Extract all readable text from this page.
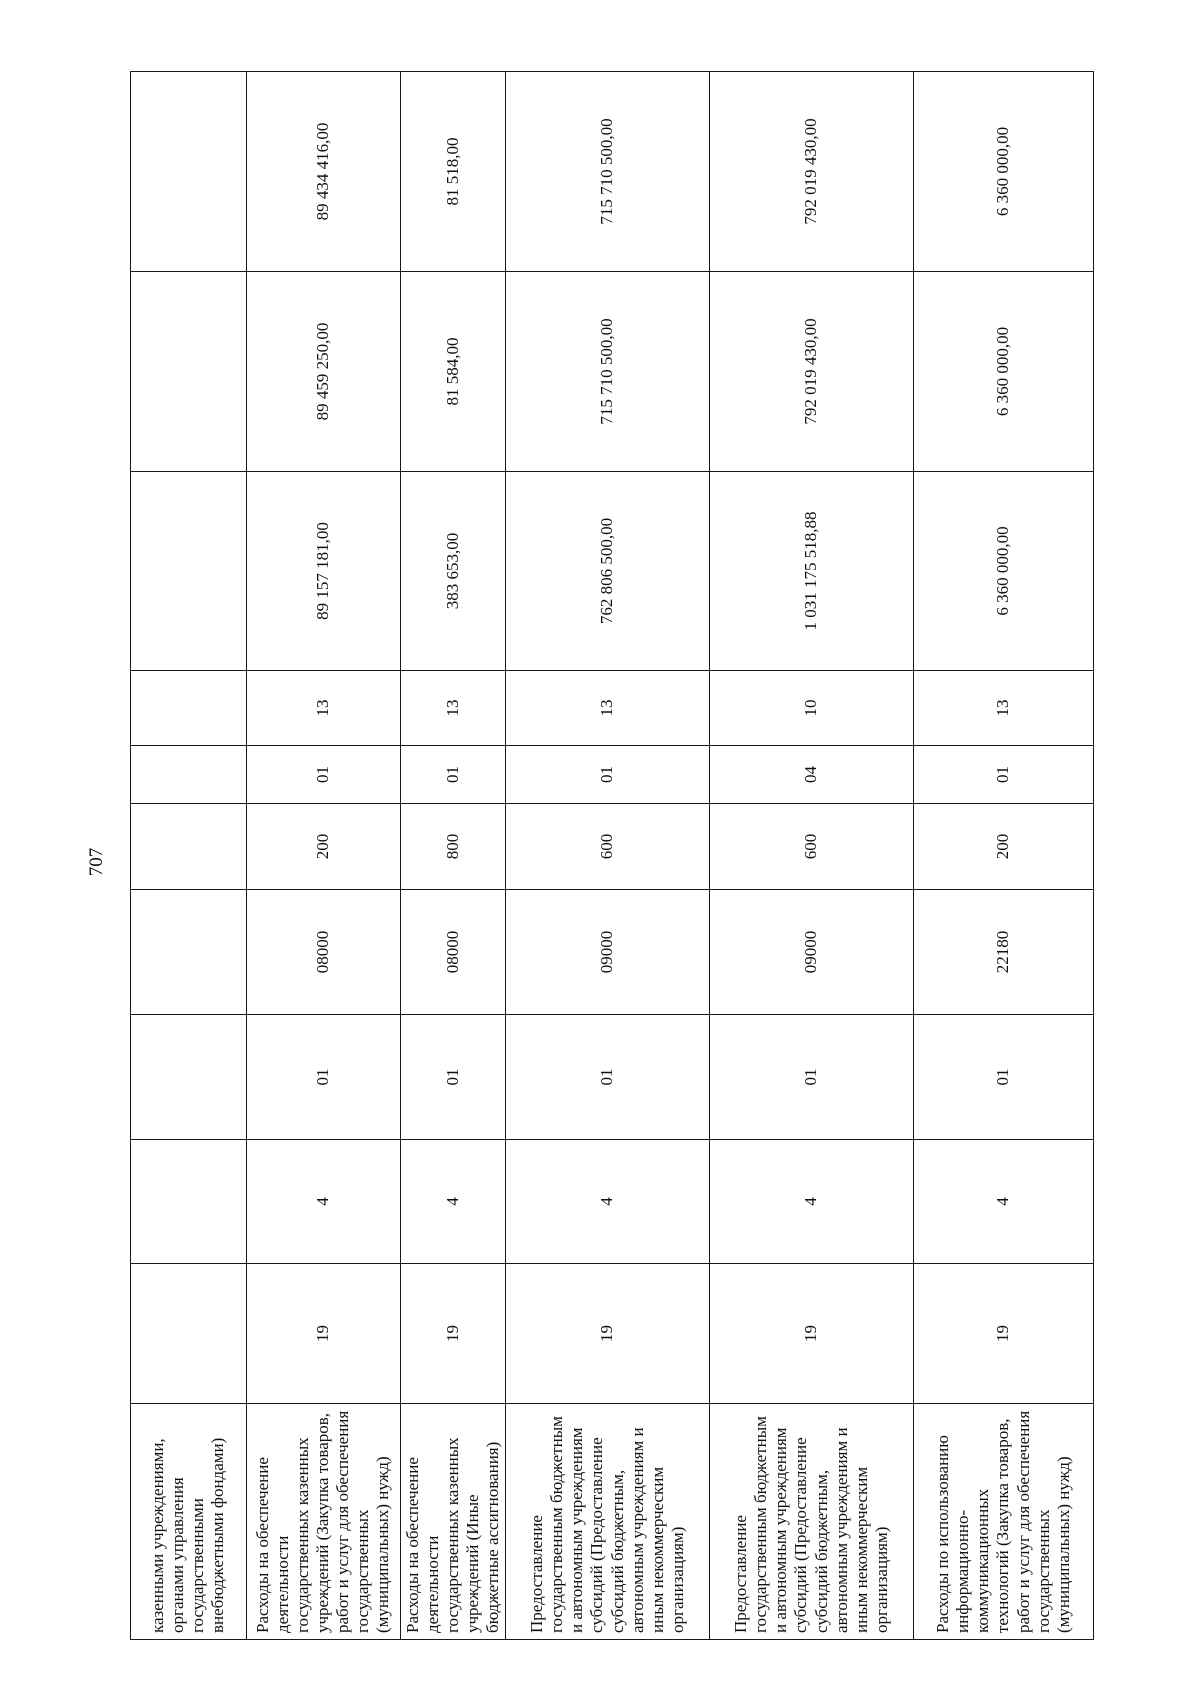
707
казенными учреждениями, органами управления государственными внебюджетными фондами)										
Расходы на обеспечение деятельности государственных казенных учреждений (Закупка товаров, работ и услуг для обеспечения государственных (муниципальных) нужд)	19	4	01	08000	200	01	13	89 157 181,00	89 459 250,00	89 434 416,00
Расходы на обеспечение деятельности государственных казенных учреждений (Иные бюджетные ассигнования)	19	4	01	08000	800	01	13	383 653,00	81 584,00	81 518,00
Предоставление государственным бюджетным и автономным учреждениям субсидий (Предоставление субсидий бюджетным, автономным учреждениям и иным некоммерческим организациям)	19	4	01	09000	600	01	13	762 806 500,00	715 710 500,00	715 710 500,00
Предоставление государственным бюджетным и автономным учреждениям субсидий (Предоставление субсидий бюджетным, автономным учреждениям и иным некоммерческим организациям)	19	4	01	09000	600	04	10	1 031 175 518,88	792 019 430,00	792 019 430,00
Расходы по использованию информационно-коммуникационных технологий (Закупка товаров, работ и услуг для обеспечения государственных (муниципальных) нужд)	19	4	01	22180	200	01	13	6 360 000,00	6 360 000,00	6 360 000,00
